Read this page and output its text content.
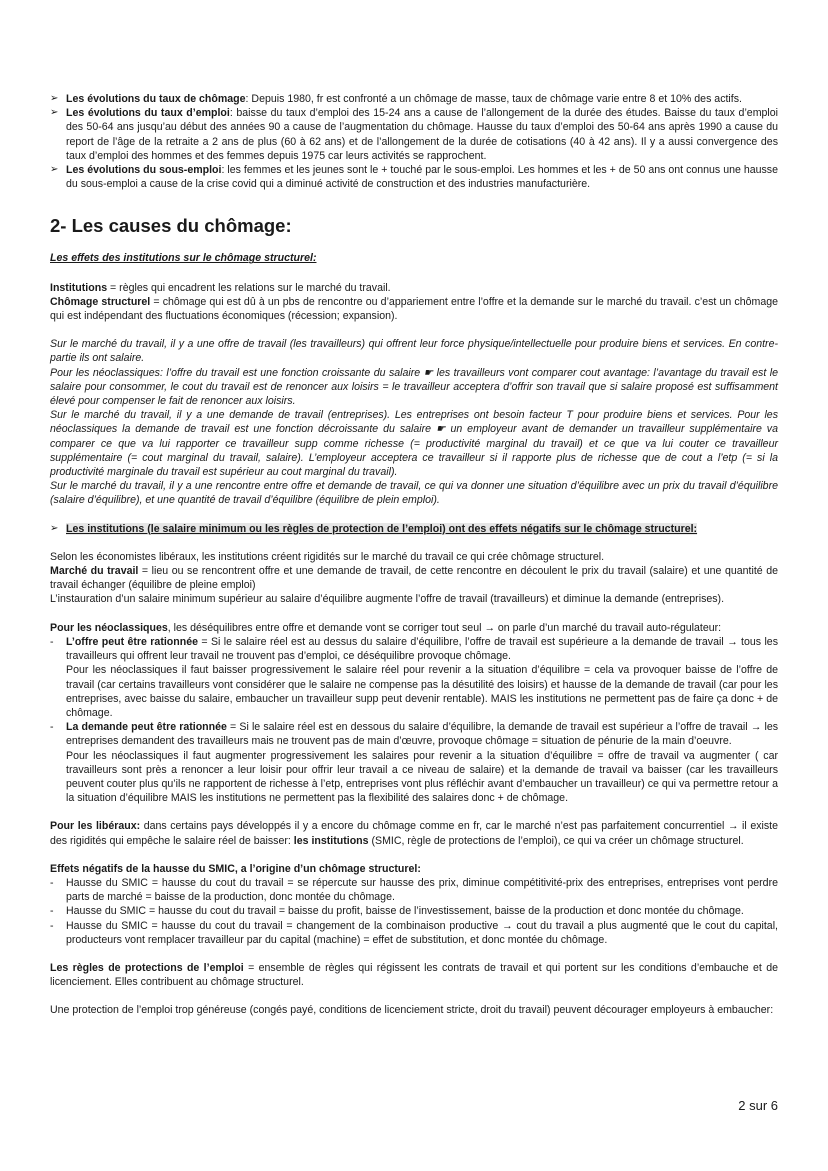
➢ Les évolutions du taux de chômage: Depuis 1980, fr est confronté a un chômage de masse, taux de chômage varie entre 8 et 10% des actifs.
➢ Les évolutions du taux d’emploi: baisse du taux d’emploi des 15-24 ans a cause de l’allongement de la durée des études. Baisse du taux d’emploi des 50-64 ans jusqu’au début des années 90 a cause de l’augmentation du chômage. Hausse du taux d’emploi des 50-64 ans après 1990 a cause du report de l’âge de la retraite a 2 ans de plus (60 à 62 ans) et de l’allongement de la durée de cotisations (40 à 42 ans). Il y a aussi convergence des taux d’emploi des hommes et des femmes depuis 1975 car leurs activités se rapprochent.
➢ Les évolutions du sous-emploi: les femmes et les jeunes sont le + touché par le sous-emploi. Les hommes et les + de 50 ans ont connus une hausse du sous-emploi a cause de la crise covid qui a diminué activité de construction et des industries manufacturière.
2- Les causes du chômage:

Les effets des institutions sur le chômage structurel:

Institutions = règles qui encadrent les relations sur le marché du travail.

Chômage structurel = chômage qui est dû à un pbs de rencontre ou d’appariement entre l’offre et la demande sur le marché du travail. c’est un chômage qui est indépendant des fluctuations économiques (récession; expansion).

Sur le marché du travail, il y a une offre de travail (les travailleurs) qui offrent leur force physique/intellectuelle pour produire biens et services. En contre-partie ils ont salaire.

Pour les néoclassiques: l’offre du travail est une fonction croissante du salaire ☛ les travailleurs vont comparer cout avantage: l’avantage du travail est le salaire pour consommer, le cout du travail est de renoncer aux loisirs = le travailleur acceptera d’offrir son travail que si salaire proposé est suffisamment élevé pour compenser le fait de renoncer aux loisirs.

Sur le marché du travail, il y a une demande de travail (entreprises). Les entreprises ont besoin facteur T pour produire biens et services. Pour les néoclassiques la demande de travail est une fonction décroissante du salaire ☛ un employeur avant de demander un travailleur supplémentaire va comparer ce que va lui rapporter ce travailleur supp comme richesse (= productivité marginal du travail) et ce que va lui couter ce travailleur supplémentaire (= cout marginal du travail, salaire). L’employeur acceptera ce travailleur si il rapporte plus de richesse que de cout a l’etp (= si la productivité marginale du travail est supérieur au cout marginal du travail).

Sur le marché du travail, il y a une rencontre entre offre et demande de travail, ce qui va donner une situation d’équilibre avec un prix du travail d’équilibre (salaire d’équilibre), et une quantité de travail d’équilibre (équilibre de plein emploi).

➢ Les institutions (le salaire minimum ou les règles de protection de l’emploi) ont des effets négatifs sur le chômage structurel:

Selon les économistes libéraux, les institutions créent rigidités sur le marché du travail ce qui crée chômage structurel.

Marché du travail = lieu ou se rencontrent offre et une demande de travail, de cette rencontre en découlent le prix du travail (salaire) et une quantité de travail échanger (équilibre de pleine emploi)

L’instauration d’un salaire minimum supérieur au salaire d’équilibre augmente l’offre de travail (travailleurs) et diminue la demande (entreprises).

Pour les néoclassiques, les déséquilibres entre offre et demande vont se corriger tout seul → on parle d’un marché du travail auto-régulateur:

- L’offre peut être rationnée = Si le salaire réel est au dessus du salaire d’équilibre, l’offre de travail est supérieure a la demande de travail → tous les travailleurs qui offrent leur travail ne trouvent pas d’emploi, ce déséquilibre provoque chômage.

Pour les néoclassiques il faut baisser progressivement le salaire réel pour revenir a la situation d’équilibre = cela va provoquer baisse de l’offre de travail (car certains travailleurs vont considérer que le salaire ne compense pas la désutilité des loisirs) et hausse de la demande de travail (car pour les entreprises, avec baisse du salaire, embaucher un travailleur supp peut devenir rentable). MAIS les institutions ne permettent pas de faire ça donc + de chômage.

- La demande peut être rationnée = Si le salaire réel est en dessous du salaire d’équilibre, la demande de travail est supérieur a l’offre de travail → les entreprises demandent des travailleurs mais ne trouvent pas de main d’œuvre, provoque chômage = situation de pénurie de la main d’oeuvre.

Pour les néoclassiques il faut augmenter progressivement les salaires pour revenir a la situation d’équilibre = offre de travail va augmenter ( car travailleurs sont près a renoncer a leur loisir pour offrir leur travail a ce niveau de salaire) et la demande de travail va baisser (car les travailleurs peuvent couter plus qu’ils ne rapportent de richesse à l’etp, entreprises vont plus réfléchir avant d’embaucher un travailleur) ce qui va permettre retour a la situation d’équilibre MAIS les institutions ne permettent pas la flexibilité des salaires donc + de chômage.

Pour les libéraux: dans certains pays développés il y a encore du chômage comme en fr, car le marché n’est pas parfaitement concurrentiel → il existe des rigidités qui empêche le salaire réel de baisser: les institutions (SMIC, règle de protections de l’emploi), ce qui va créer un chômage structurel.

Effets négatifs de la hausse du SMIC, a l’origine d’un chômage structurel:

- Hausse du SMIC = hausse du cout du travail = se répercute sur hausse des prix, diminue compétitivité-prix des entreprises, entreprises vont perdre parts de marché = baisse de la production, donc montée du chômage.
- Hausse du SMIC = hausse du cout du travail = baisse du profit, baisse de l’investissement, baisse de la production et donc montée du chômage.
- Hausse du SMIC = hausse du cout du travail = changement de la combinaison productive → cout du travail a plus augmenté que le cout du capital, producteurs vont remplacer travailleur par du capital (machine) = effet de substitution, et donc montée du chômage.

Les règles de protections de l’emploi = ensemble de règles qui régissent les contrats de travail et qui portent sur les conditions d’embauche et de licenciement. Elles contribuent au chômage structurel.

Une protection de l’emploi trop généreuse (congés payé, conditions de licenciement stricte, droit du travail) peuvent décourager employeurs à embaucher:

2 sur 6
